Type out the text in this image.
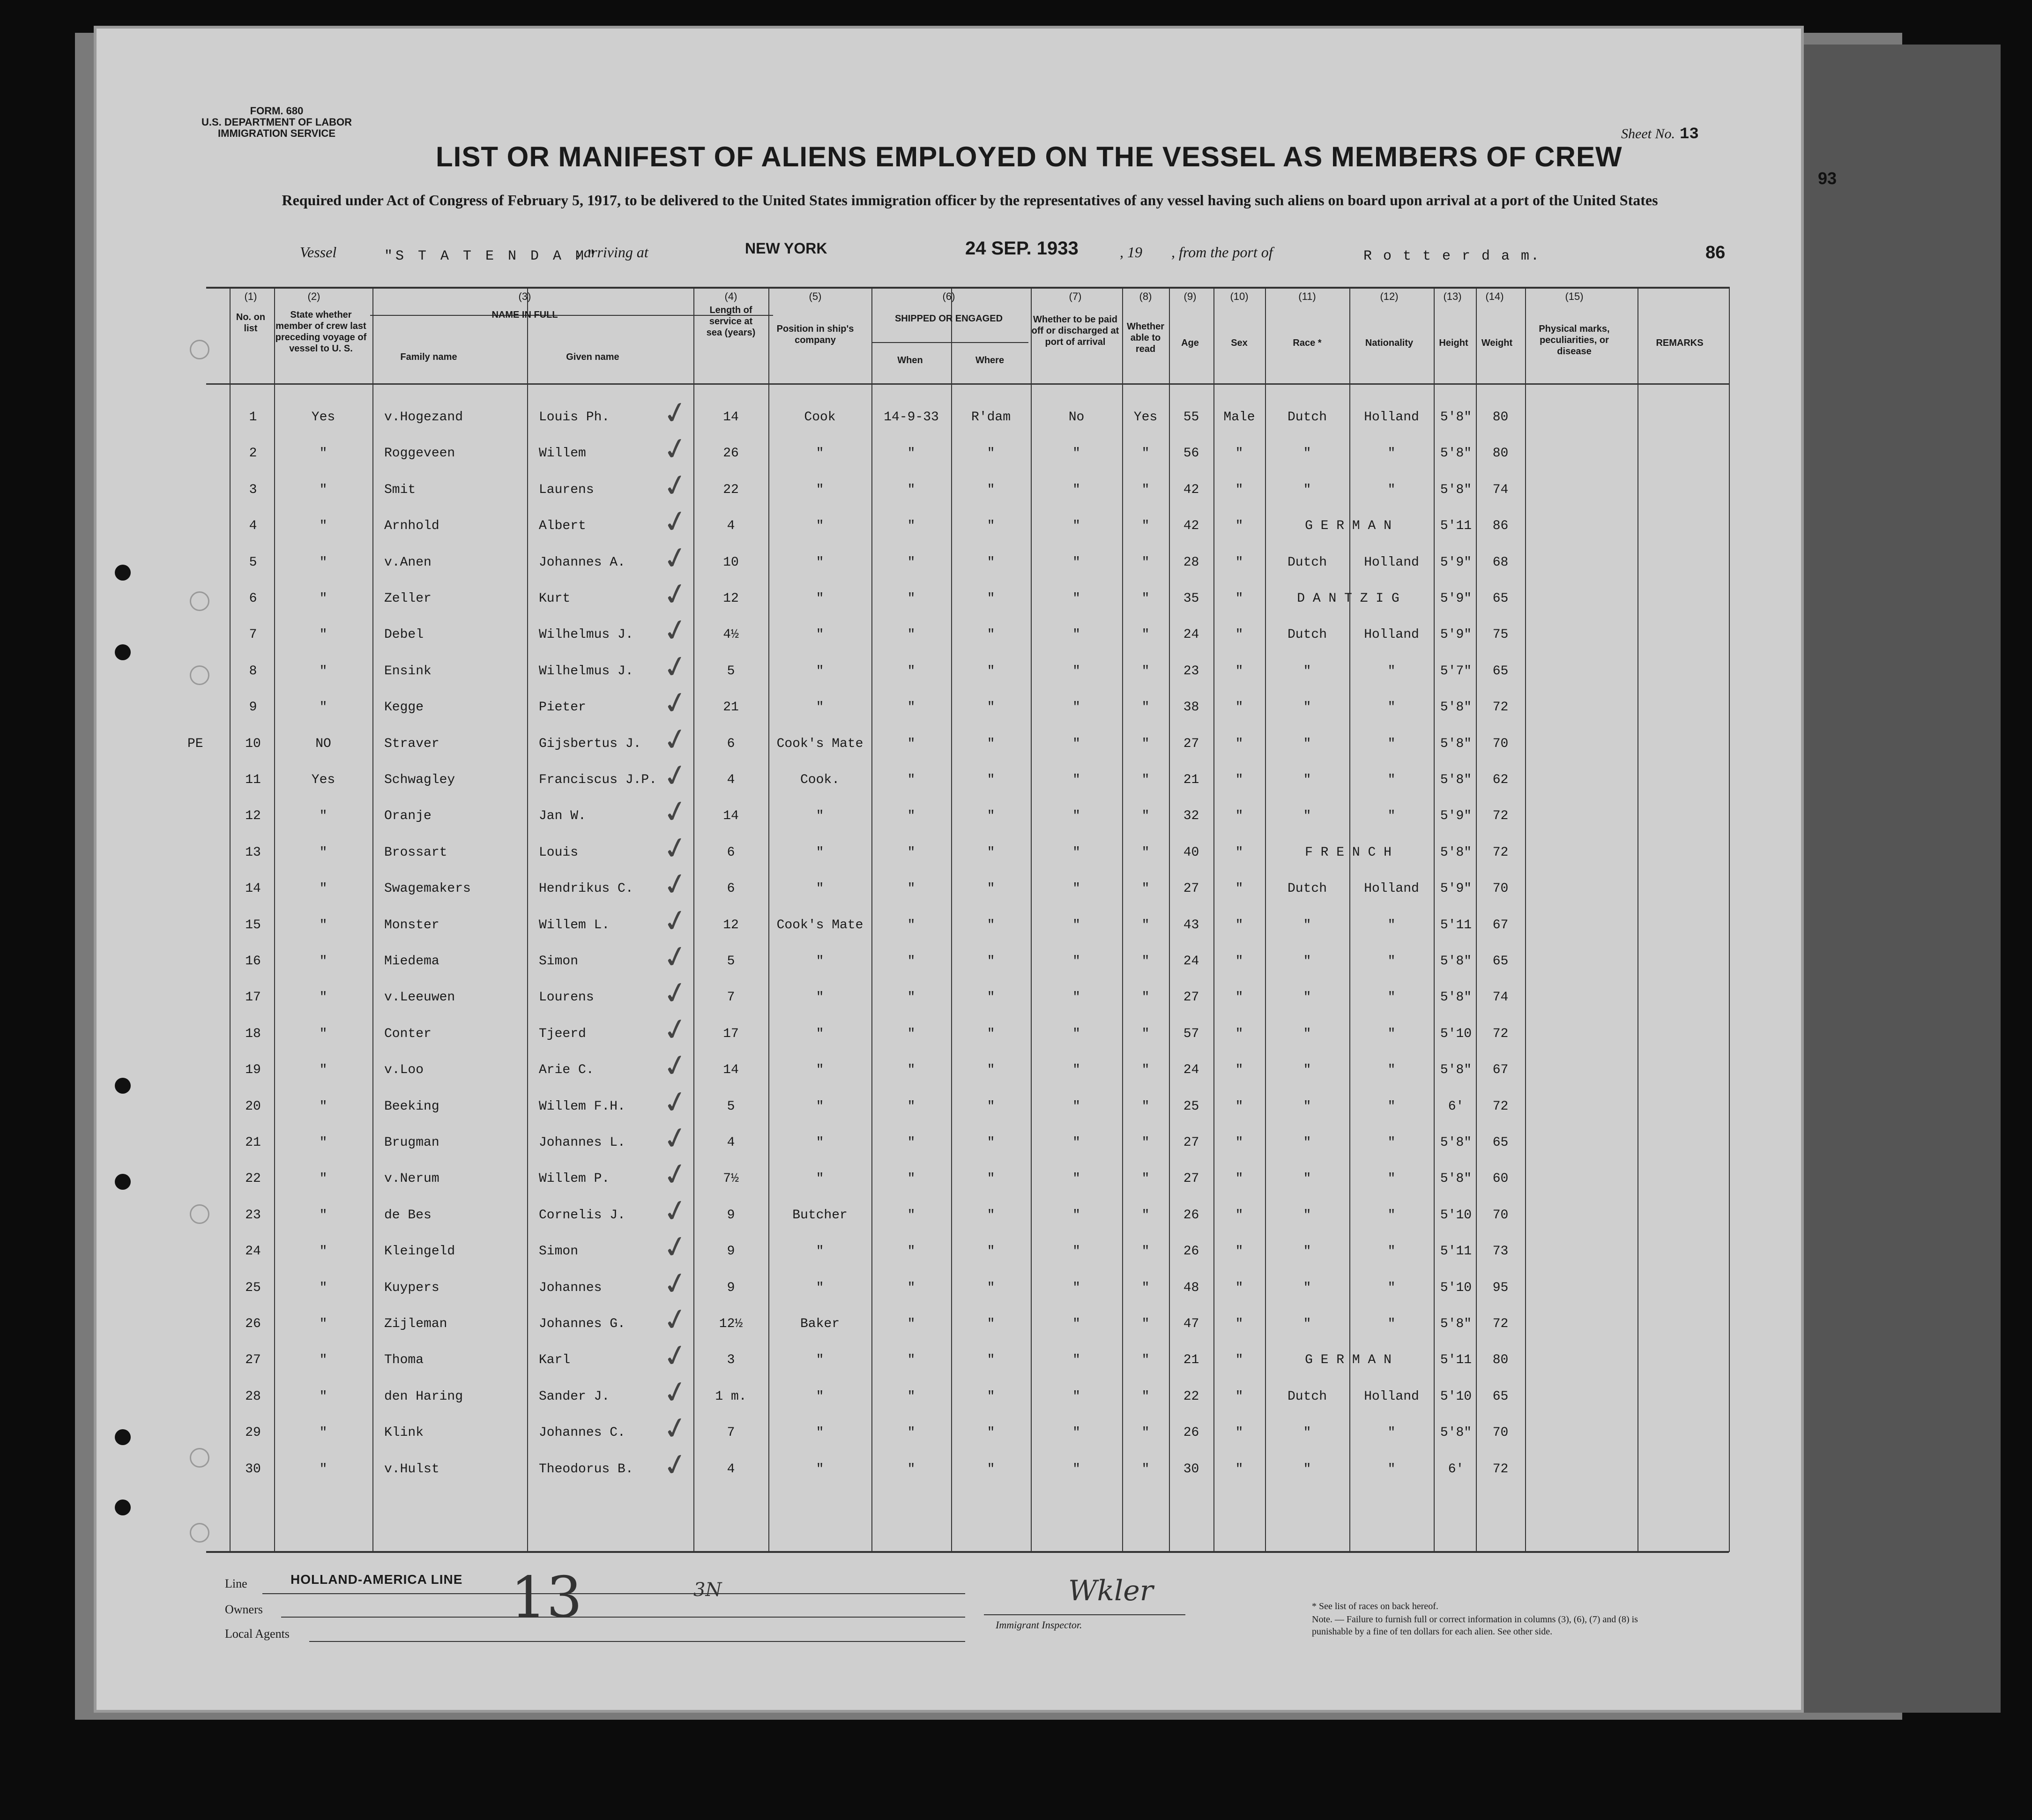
FORM. 680
U.S. DEPARTMENT OF LABOR
IMMIGRATION SERVICE
LIST OR MANIFEST OF ALIENS EMPLOYED ON THE VESSEL AS MEMBERS OF CREW
Required under Act of Congress of February 5, 1917, to be delivered to the United States immigration officer by the representatives of any vessel having such aliens on board upon arrival at a port of the United States
Sheet No. 13
93
Vessel	"S T A T E N D A M"
, arriving at	NEW YORK	24 SEP. 1933	, 19 , from the port of	R o t t e r d a m.	86
(1)	(2)	(3)	(4)	(5)	(6)	(7)	(8)	(9)	(10)	(11)	(12)	(13)	(14)	(15)
No. on list
State whether member of crew last preceding voyage of vessel to U. S.
NAME IN FULL
Family name	Given name
Length of service at sea (years)	Position in ship's company
SHIPPED OR ENGAGED
When	Where
Whether to be paid off or discharged at port of arrival
Whether able to read
Age	Sex	Race *	Nationality	Height	Weight
Physical marks, peculiarities, or disease
REMARKS
1	Yes	v.Hogezand	Louis Ph.	14	Cook	14-9-33	R'dam	No	Yes	55	Male	Dutch	Holland	5'8"	80
✓
2	"	Roggeveen	Willem	26	"	"	"	"	"	56	"	"	"	5'8"	80
✓
3	"	Smit	Laurens	22	"	"	"	"	"	42	"	"	"	5'8"	74
✓
4	"	Arnhold	Albert	4	"	"	"	"	"	42	"	G E R M A N	5'11	86
✓
5	"	v.Anen	Johannes A.	10	"	"	"	"	"	28	"	Dutch	Holland	5'9"	68
✓
6	"	Zeller	Kurt	12	"	"	"	"	"	35	"	D A N T Z I G	5'9"	65
✓
7	"	Debel	Wilhelmus J.	4½	"	"	"	"	"	24	"	Dutch	Holland	5'9"	75
✓
8	"	Ensink	Wilhelmus J.	5	"	"	"	"	"	23	"	"	"	5'7"	65
✓
9	"	Kegge	Pieter	21	"	"	"	"	"	38	"	"	"	5'8"	72
✓
10	NO	Straver	Gijsbertus J.	6	Cook's Mate	"	"	"	"	27	"	"	"	5'8"	70
PE	✓
11	Yes	Schwagley	Franciscus J.P.	4	Cook.	"	"	"	"	21	"	"	"	5'8"	62
✓
12	"	Oranje	Jan W.	14	"	"	"	"	"	32	"	"	"	5'9"	72
✓
13	"	Brossart	Louis	6	"	"	"	"	"	40	"	F R E N C H	5'8"	72
✓
14	"	Swagemakers	Hendrikus C.	6	"	"	"	"	"	27	"	Dutch	Holland	5'9"	70
✓
15	"	Monster	Willem L.	12	Cook's Mate	"	"	"	"	43	"	"	"	5'11	67
✓
16	"	Miedema	Simon	5	"	"	"	"	"	24	"	"	"	5'8"	65
✓
17	"	v.Leeuwen	Lourens	7	"	"	"	"	"	27	"	"	"	5'8"	74
✓
18	"	Conter	Tjeerd	17	"	"	"	"	"	57	"	"	"	5'10	72
✓
19	"	v.Loo	Arie C.	14	"	"	"	"	"	24	"	"	"	5'8"	67
✓
20	"	Beeking	Willem F.H.	5	"	"	"	"	"	25	"	"	"	6'	72
✓
21	"	Brugman	Johannes L.	4	"	"	"	"	"	27	"	"	"	5'8"	65
✓
22	"	v.Nerum	Willem P.	7½	"	"	"	"	"	27	"	"	"	5'8"	60
✓
23	"	de Bes	Cornelis J.	9	Butcher	"	"	"	"	26	"	"	"	5'10	70
✓
24	"	Kleingeld	Simon	9	"	"	"	"	"	26	"	"	"	5'11	73
✓
25	"	Kuypers	Johannes	9	"	"	"	"	"	48	"	"	"	5'10	95
✓
26	"	Zijleman	Johannes G.	12½	Baker	"	"	"	"	47	"	"	"	5'8"	72
✓
27	"	Thoma	Karl	3	"	"	"	"	"	21	"	G E R M A N	5'11	80
✓
28	"	den Haring	Sander J.	1 m.	"	"	"	"	"	22	"	Dutch	Holland	5'10	65
✓
29	"	Klink	Johannes C.	7	"	"	"	"	"	26	"	"	"	5'8"	70
✓
30	"	v.Hulst	Theodorus B.	4	"	"	"	"	"	30	"	"	"	6'	72
✓
Line	HOLLAND-AMERICA LINE
Owners
Local Agents
13	3N	Wkler
Immigrant Inspector.
* See list of races on back hereof.
Note. — Failure to furnish full or correct information in columns (3), (6), (7) and (8) is punishable by a fine of ten dollars for each alien. See other side.
